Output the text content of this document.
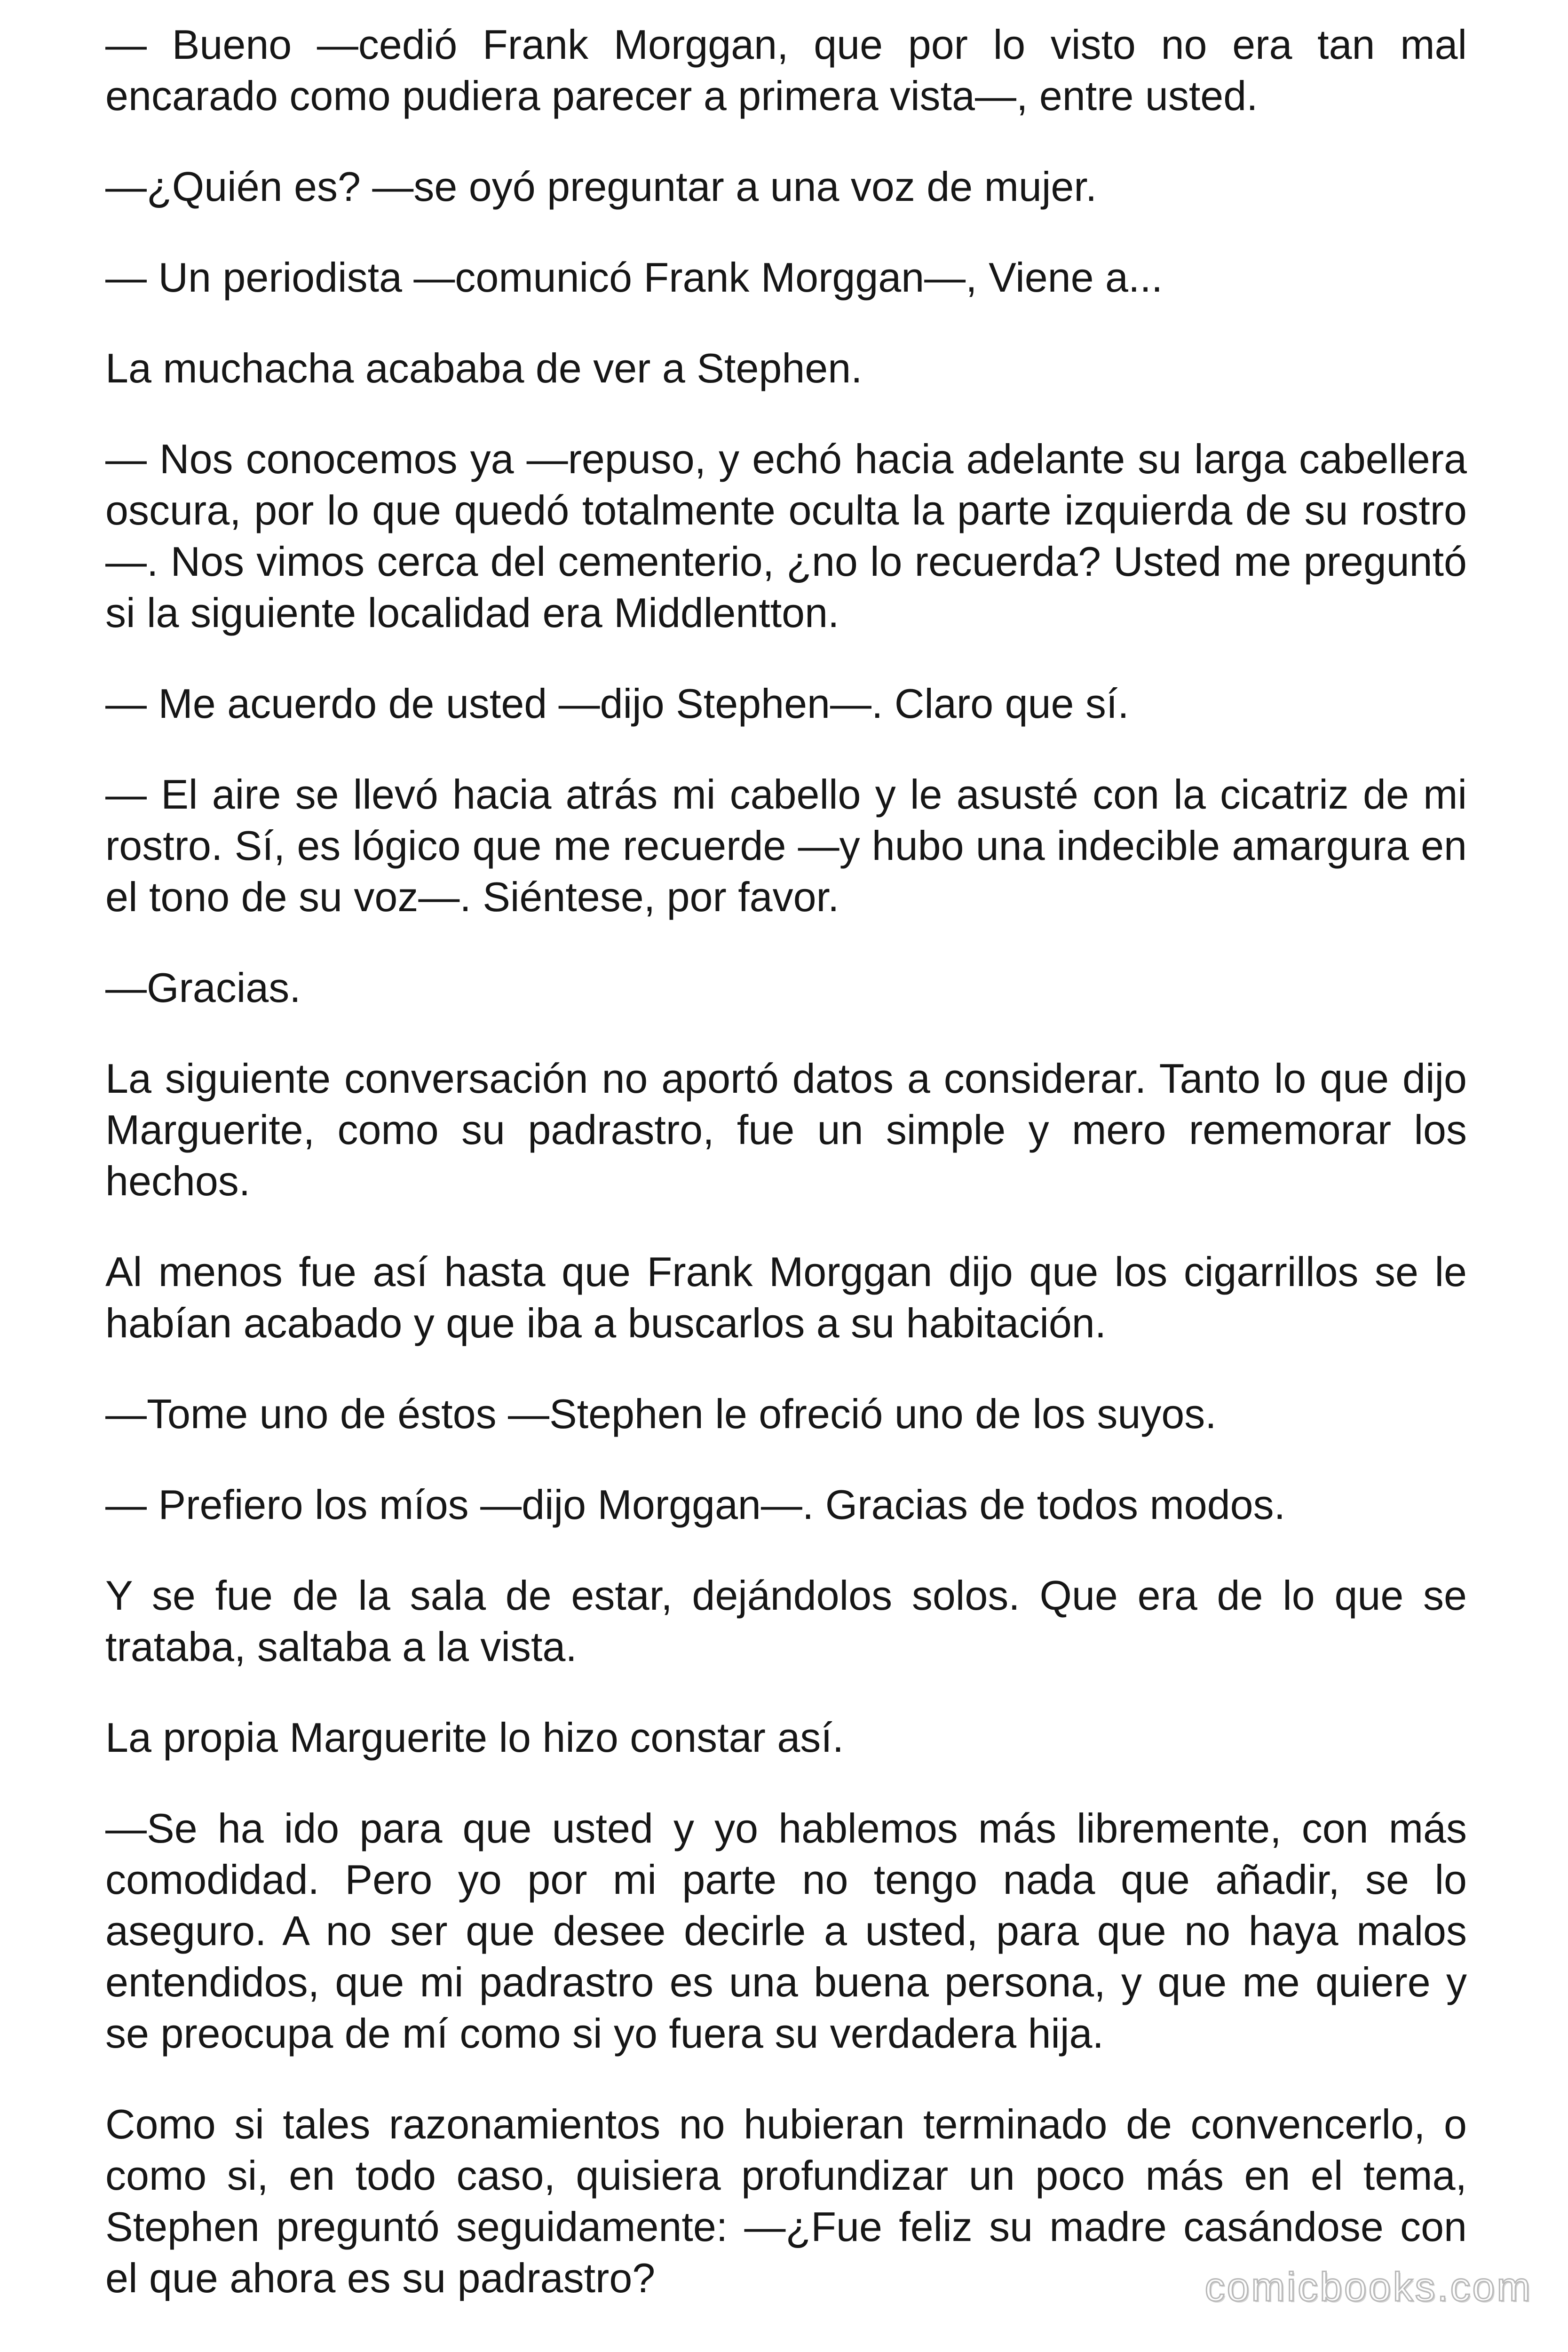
— Bueno —cedió Frank Morggan, que por lo visto no era tan mal encarado como pudiera parecer a primera vista—, entre usted.

—¿Quién es? —se oyó preguntar a una voz de mujer.

— Un periodista —comunicó Frank Morggan—, Viene a...

La muchacha acababa de ver a Stephen.

— Nos conocemos ya —repuso, y echó hacia adelante su larga cabellera oscura, por lo que quedó totalmente oculta la parte izquierda de su rostro—. Nos vimos cerca del cementerio, ¿no lo recuerda? Usted me preguntó si la siguiente localidad era Middlentton.

— Me acuerdo de usted —dijo Stephen—. Claro que sí.

— El aire se llevó hacia atrás mi cabello y le asusté con la cicatriz de mi rostro. Sí, es lógico que me recuerde —y hubo una indecible amargura en el tono de su voz—. Siéntese, por favor.

—Gracias.

La siguiente conversación no aportó datos a considerar. Tanto lo que dijo Marguerite, como su padrastro, fue un simple y mero rememorar los hechos.

Al menos fue así hasta que Frank Morggan dijo que los cigarrillos se le habían acabado y que iba a buscarlos a su habitación.

—Tome uno de éstos —Stephen le ofreció uno de los suyos.

— Prefiero los míos —dijo Morggan—. Gracias de todos modos.

Y se fue de la sala de estar, dejándolos solos. Que era de lo que se trataba, saltaba a la vista.

La propia Marguerite lo hizo constar así.

—Se ha ido para que usted y yo hablemos más libremente, con más comodidad. Pero yo por mi parte no tengo nada que añadir, se lo aseguro. A no ser que desee decirle a usted, para que no haya malos entendidos, que mi padrastro es una buena persona, y que me quiere y se preocupa de mí como si yo fuera su verdadera hija.

Como si tales razonamientos no hubieran terminado de convencerlo, o como si, en todo caso, quisiera profundizar un poco más en el tema, Stephen preguntó seguidamente: —¿Fue feliz su madre casándose con el que ahora es su padrastro?	comicbooks.com
